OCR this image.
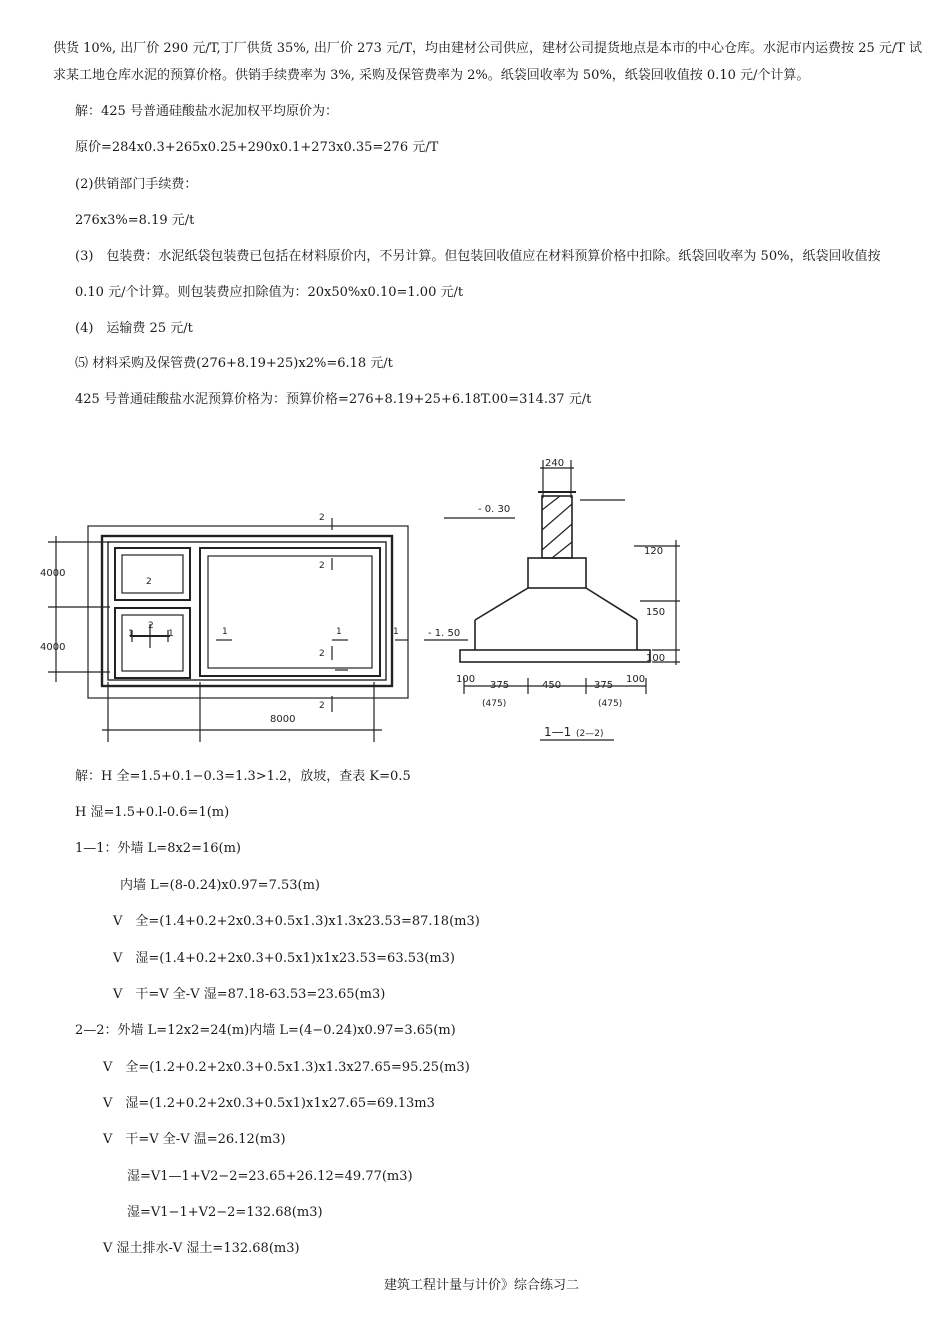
供货 10%, 出厂价 290 元/T,丁厂供货 35%, 出厂价 273 元/T，均由建材公司供应，建材公司提货地点是本市的中心仓库。水泥市内运费按 25 元/T 试
求某工地仓库水泥的预算价格。供销手续费率为 3%, 采购及保管费率为 2%。纸袋回收率为 50%，纸袋回收值按 0.10 元/个计算。
解：425 号普通硅酸盐水泥加权平均原价为：
原价=284x0.3+265x0.25+290x0.1+273x0.35=276 元/T
(2)供销部门手续费：
276x3%=8.19 元/t
(3)　包装费：水泥纸袋包装费已包括在材料原价内，不另计算。但包装回收值应在材料预算价格中扣除。纸袋回收率为 50%，纸袋回收值按
0.10 元/个计算。则包装费应扣除值为：20x50%x0.10=1.00 元/t
(4)　运输费 25 元/t
⑸ 材料采购及保管费(276+8.19+25)x2%=6.18 元/t
425 号普通硅酸盐水泥预算价格为：预算价格=276+8.19+25+6.18T.00=314.37 元/t
4000
4000
8000
2
2
2
2
2
2
1	1	1	1	1
240
- 0. 30
- 1. 50
120
150
100
100
375	450	375
100
(475)	(475)
1—1 (2—2)
解：H 全=1.5+0.1−0.3=1.3>1.2，放坡，查表 K=0.5
H 湿=1.5+0.l-0.6=1(m)
1—1：外墙 L=8x2=16(m)
内墙 L=(8-0.24)x0.97=7.53(m)
V　全=(1.4+0.2+2x0.3+0.5x1.3)x1.3x23.53=87.18(m3)
V　湿=(1.4+0.2+2x0.3+0.5x1)x1x23.53=63.53(m3)
V　干=V 全-V 湿=87.18-63.53=23.65(m3)
2—2：外墙 L=12x2=24(m)内墙 L=(4−0.24)x0.97=3.65(m)
V　全=(1.2+0.2+2x0.3+0.5x1.3)x1.3x27.65=95.25(m3)
V　湿=(1.2+0.2+2x0.3+0.5x1)x1x27.65=69.13m3
V　干=V 全-V 温=26.12(m3)
湿=V1—1+V2−2=23.65+26.12=49.77(m3)
湿=V1−1+V2−2=132.68(m3)
V 湿土排水-V 湿土=132.68(m3)
建筑工程计量与计价》综合练习二
